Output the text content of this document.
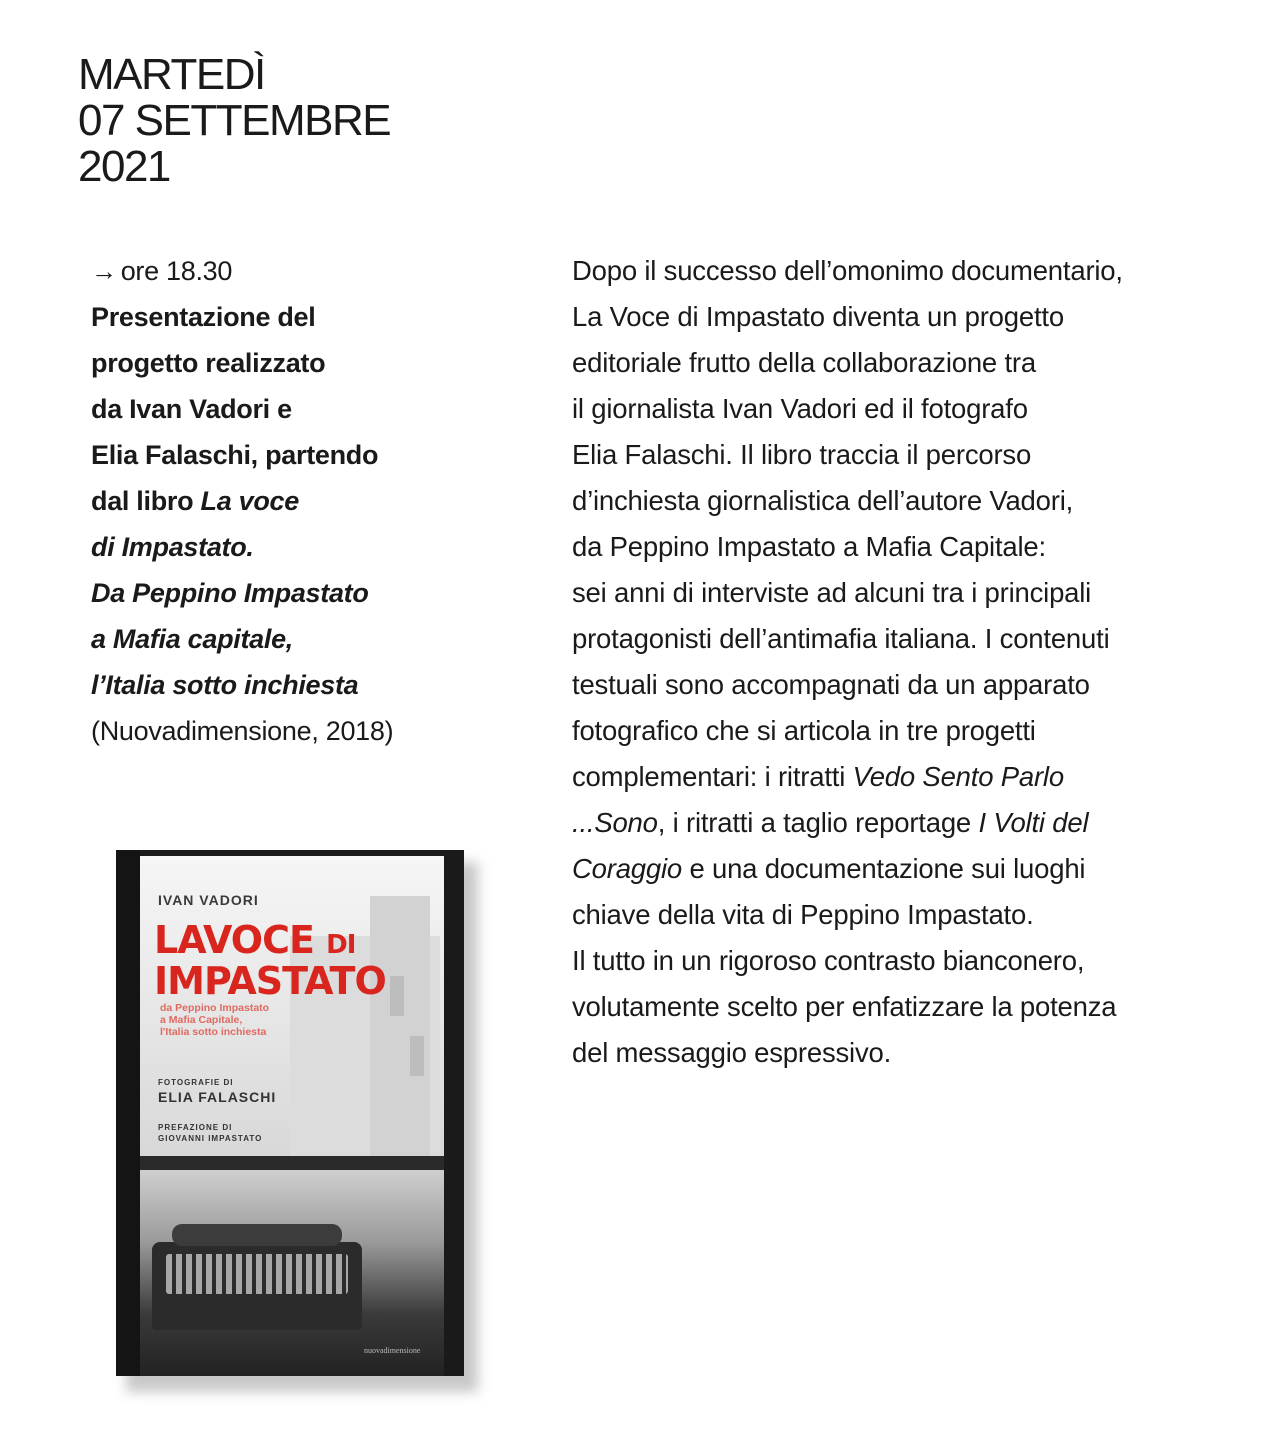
MARTEDÌ
07 SETTEMBRE
2021
→ ore 18.30
Presentazione del
progetto realizzato
da Ivan Vadori e
Elia Falaschi, partendo
dal libro La voce
di Impastato.
Da Peppino Impastato
a Mafia capitale,
l’Italia sotto inchiesta
(Nuovadimensione, 2018)
Dopo il successo dell’omonimo documentario,
La Voce di Impastato diventa un progetto
editoriale frutto della collaborazione tra
il giornalista Ivan Vadori ed il fotografo
Elia Falaschi. Il libro traccia il percorso
d’inchiesta giornalistica dell’autore Vadori,
da Peppino Impastato a Mafia Capitale:
sei anni di interviste ad alcuni tra i principali
protagonisti dell’antimafia italiana. I contenuti
testuali sono accompagnati da un apparato
fotografico che si articola in tre progetti
complementari: i ritratti Vedo Sento Parlo
...Sono, i ritratti a taglio reportage I Volti del
Coraggio e una documentazione sui luoghi
chiave della vita di Peppino Impastato.
Il tutto in un rigoroso contrasto bianconero,
volutamente scelto per enfatizzare la potenza
del messaggio espressivo.
IVAN VADORI
LAVOCE DI
IMPASTATO
da Peppino Impastato
a Mafia Capitale,
l'Italia sotto inchiesta
FOTOGRAFIE DI
ELIA FALASCHI
PREFAZIONE DI
GIOVANNI IMPASTATO
nuovadimensione
